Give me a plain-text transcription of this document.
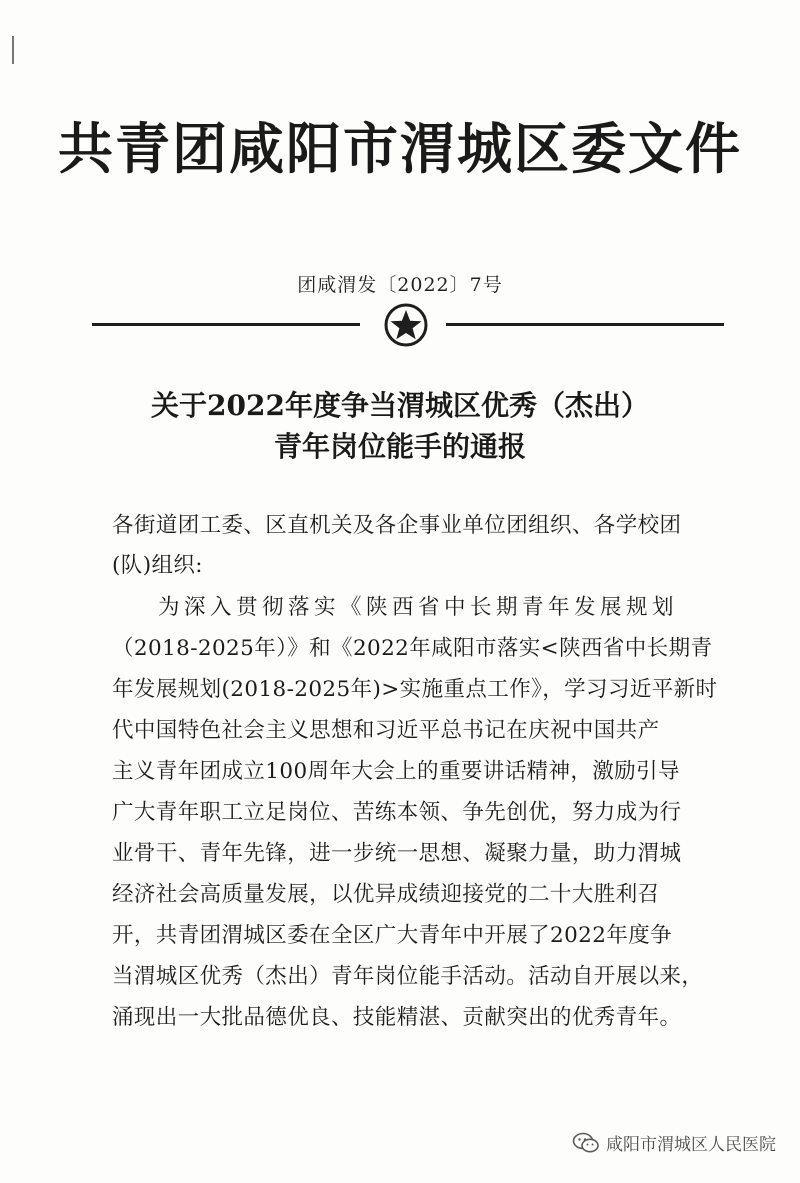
共青团咸阳市渭城区委文件
团咸渭发〔2022〕7号
关于2022年度争当渭城区优秀（杰出）
青年岗位能手的通报
各街道团工委、区直机关及各企事业单位团组织、各学校团
(队)组织:
为深入贯彻落实《陕西省中长期青年发展规划
（2018-2025年）》和《2022年咸阳市落实<陕西省中长期青
年发展规划(2018-2025年)>实施重点工作》，学习习近平新时
代中国特色社会主义思想和习近平总书记在庆祝中国共产
主义青年团成立100周年大会上的重要讲话精神，激励引导
广大青年职工立足岗位、苦练本领、争先创优，努力成为行
业骨干、青年先锋，进一步统一思想、凝聚力量，助力渭城
经济社会高质量发展，以优异成绩迎接党的二十大胜利召
开，共青团渭城区委在全区广大青年中开展了2022年度争
当渭城区优秀（杰出）青年岗位能手活动。活动自开展以来，
涌现出一大批品德优良、技能精湛、贡献突出的优秀青年。
咸阳市渭城区人民医院
